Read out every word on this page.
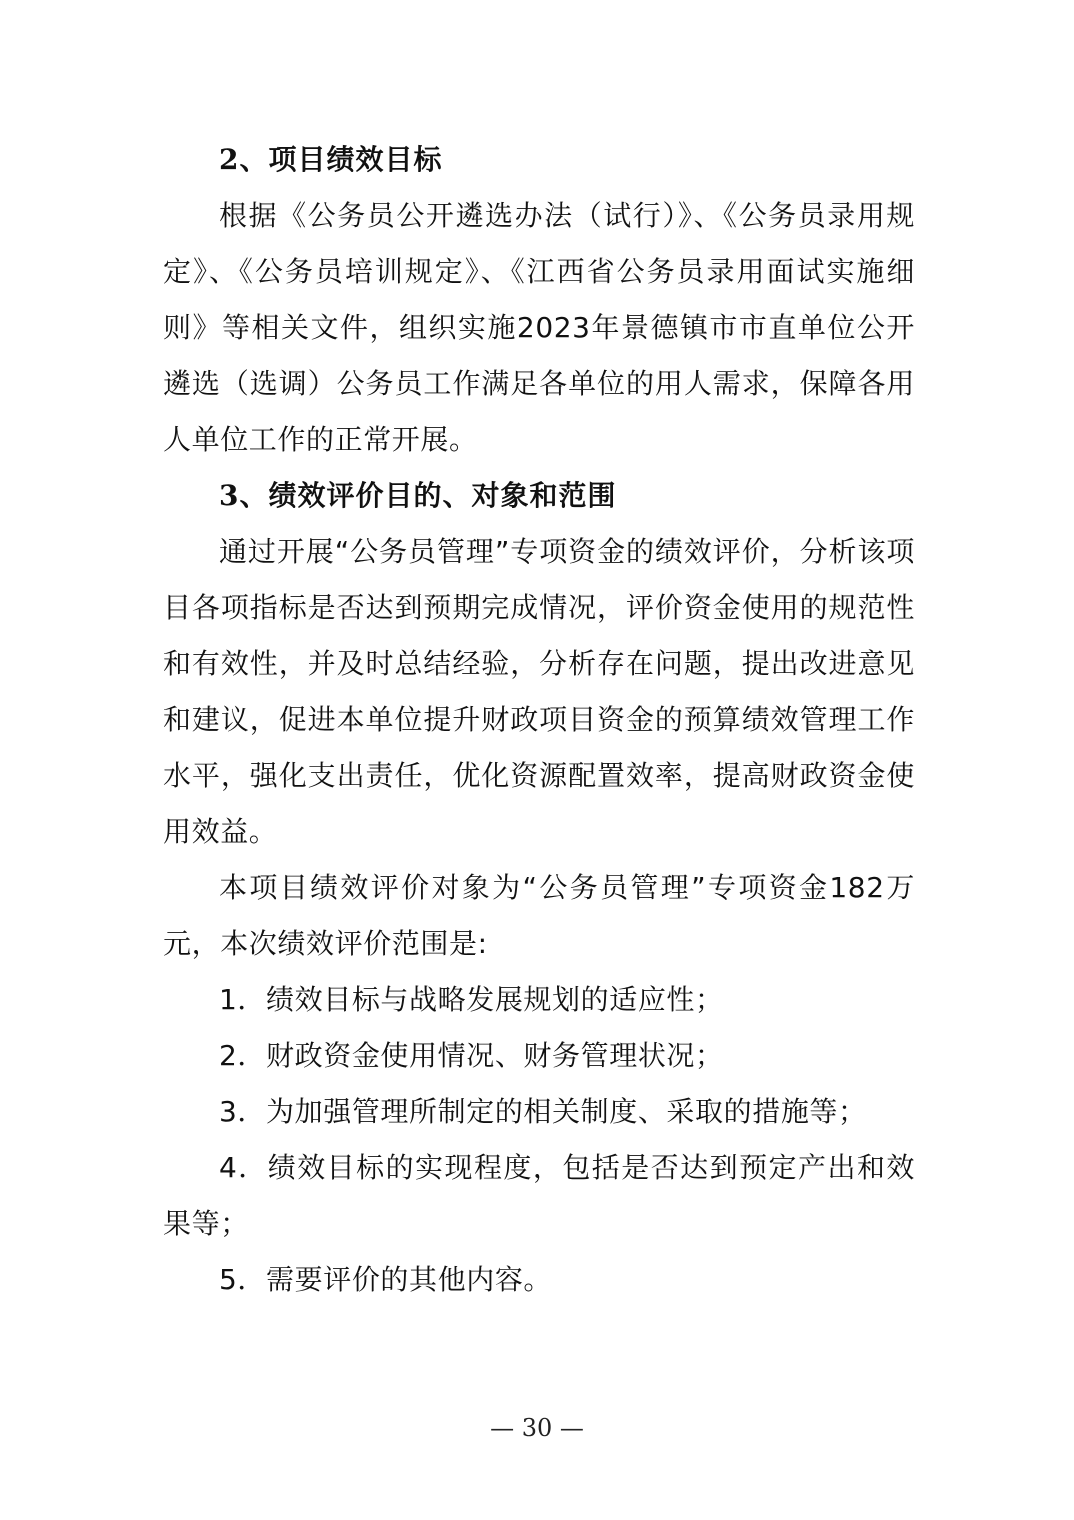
2、项目绩效目标

根据《公务员公开遴选办法（试行）》、《公务员录用规定》、《公务员培训规定》、《江西省公务员录用面试实施细则》等相关文件，组织实施2023年景德镇市市直单位公开遴选（选调）公务员工作满足各单位的用人需求，保障各用人单位工作的正常开展。

3、绩效评价目的、对象和范围

通过开展“公务员管理”专项资金的绩效评价，分析该项目各项指标是否达到预期完成情况，评价资金使用的规范性和有效性，并及时总结经验，分析存在问题，提出改进意见和建议，促进本单位提升财政项目资金的预算绩效管理工作水平，强化支出责任，优化资源配置效率，提高财政资金使用效益。

本项目绩效评价对象为“公务员管理”专项资金182万元，本次绩效评价范围是:

1．绩效目标与战略发展规划的适应性；

2．财政资金使用情况、财务管理状况；

3．为加强管理所制定的相关制度、采取的措施等；

4．绩效目标的实现程度，包括是否达到预定产出和效果等；

5．需要评价的其他内容。

— 30 —
